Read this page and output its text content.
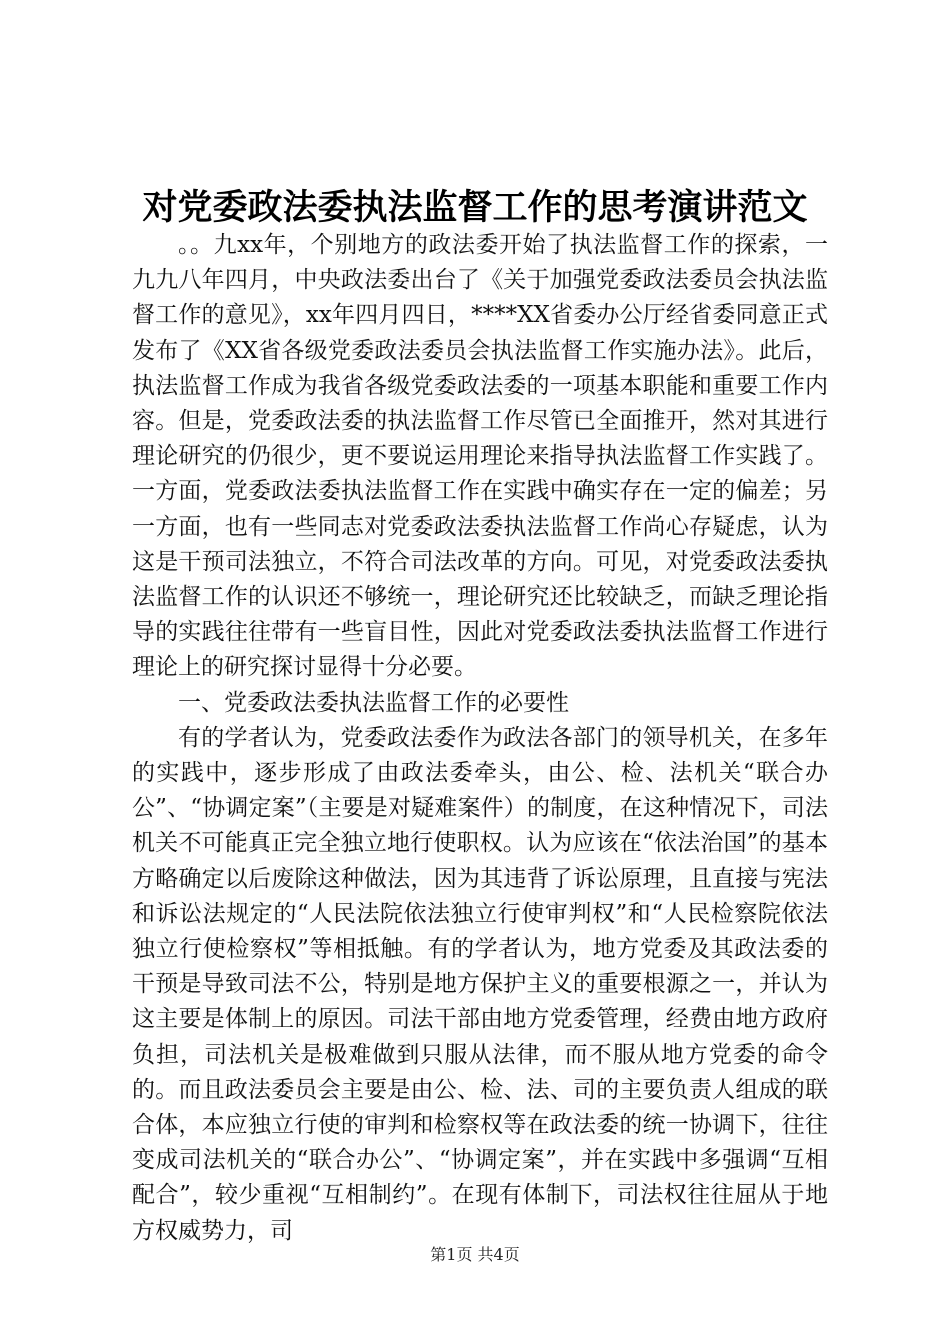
对党委政法委执法监督工作的思考演讲范文

。。九xx年，个别地方的政法委开始了执法监督工作的探索，一九九八年四月，中央政法委出台了《关于加强党委政法委员会执法监督工作的意见》，xx年四月四日，****XX省委办公厅经省委同意正式发布了《XX省各级党委政法委员会执法监督工作实施办法》。此后，执法监督工作成为我省各级党委政法委的一项基本职能和重要工作内容。但是，党委政法委的执法监督工作尽管已全面推开，然对其进行理论研究的仍很少，更不要说运用理论来指导执法监督工作实践了。一方面，党委政法委执法监督工作在实践中确实存在一定的偏差；另一方面，也有一些同志对党委政法委执法监督工作尚心存疑虑，认为这是干预司法独立，不符合司法改革的方向。可见，对党委政法委执法监督工作的认识还不够统一，理论研究还比较缺乏，而缺乏理论指导的实践往往带有一些盲目性，因此对党委政法委执法监督工作进行理论上的研究探讨显得十分必要。

一、党委政法委执法监督工作的必要性

有的学者认为，党委政法委作为政法各部门的领导机关，在多年的实践中，逐步形成了由政法委牵头，由公、检、法机关“联合办公”、“协调定案”（主要是对疑难案件）的制度，在这种情况下，司法机关不可能真正完全独立地行使职权。认为应该在“依法治国”的基本方略确定以后废除这种做法，因为其违背了诉讼原理，且直接与宪法和诉讼法规定的“人民法院依法独立行使审判权”和“人民检察院依法独立行使检察权”等相抵触。有的学者认为，地方党委及其政法委的干预是导致司法不公，特别是地方保护主义的重要根源之一，并认为这主要是体制上的原因。司法干部由地方党委管理，经费由地方政府负担，司法机关是极难做到只服从法律，而不服从地方党委的命令的。而且政法委员会主要是由公、检、法、司的主要负责人组成的联合体，本应独立行使的审判和检察权等在政法委的统一协调下，往往变成司法机关的“联合办公”、“协调定案”，并在实践中多强调“互相配合”，较少重视“互相制约”。在现有体制下，司法权往往屈从于地方权威势力，司

第1页 共4页
